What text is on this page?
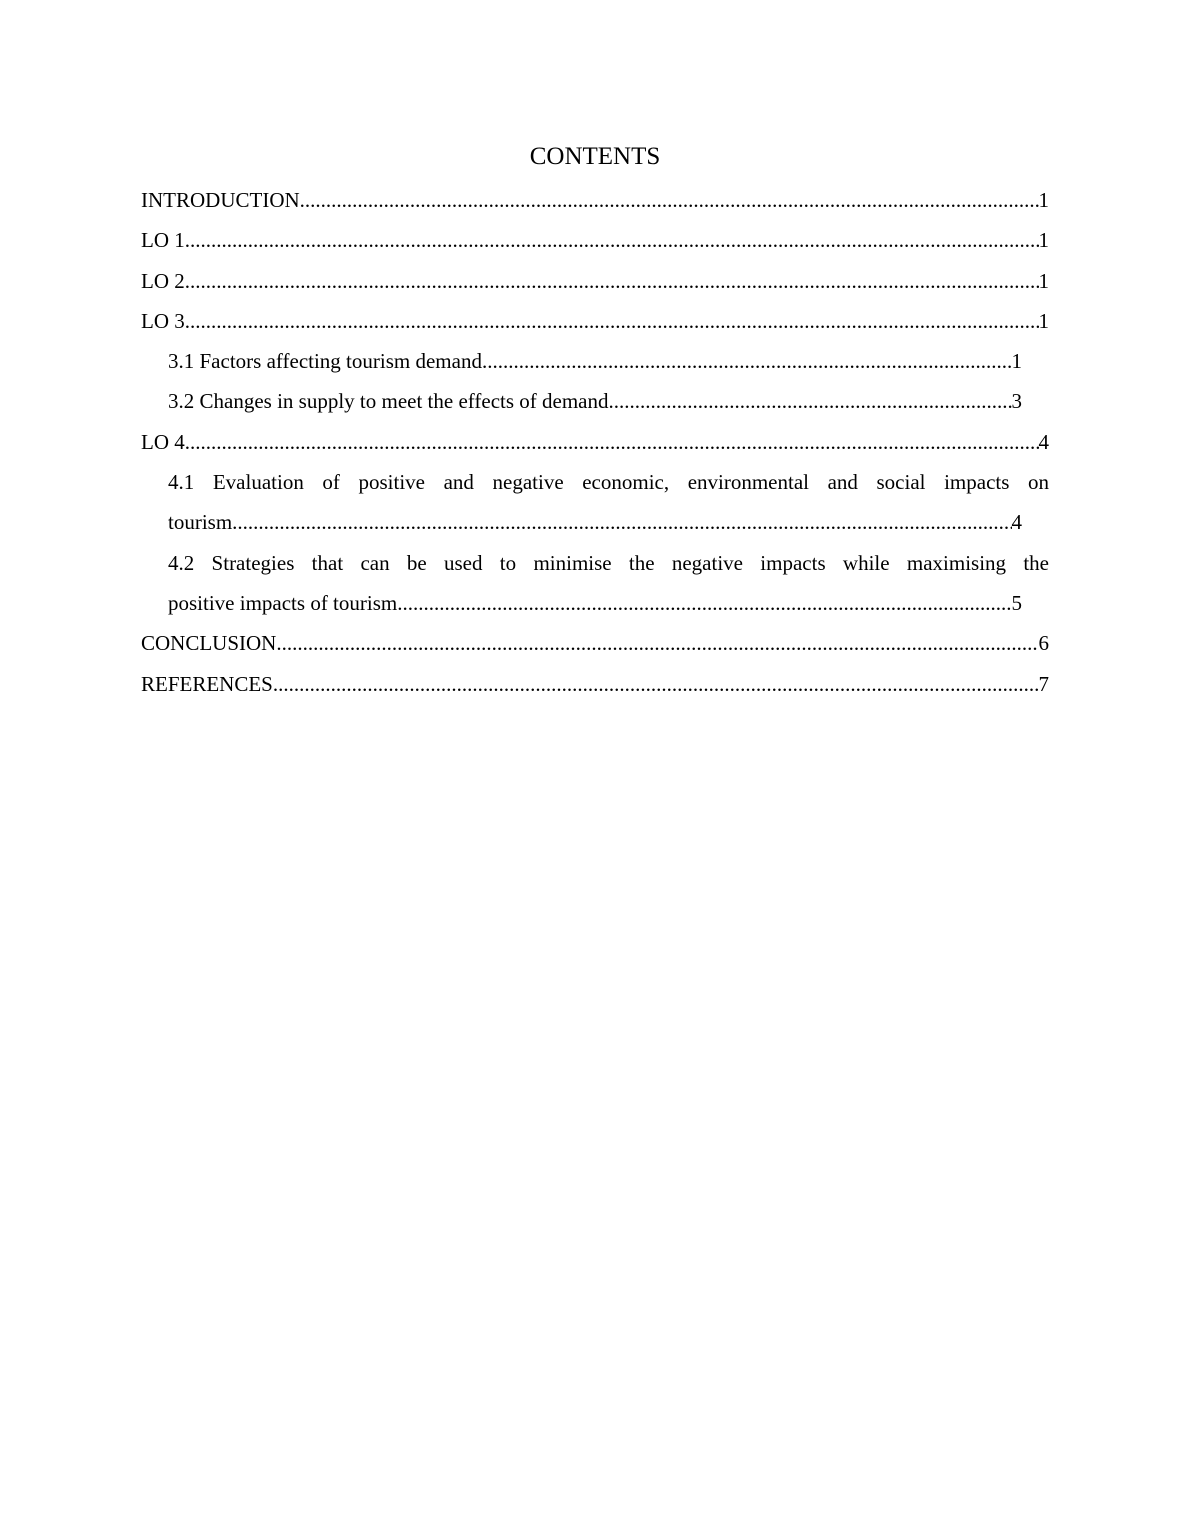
CONTENTS
INTRODUCTION .....	1
LO 1 .....	1
LO 2 .....	1
LO 3 .....	1
3.1 Factors affecting tourism demand .....	1
3.2 Changes in supply to meet the effects of demand .....	3
LO 4 .....	4
4.1 Evaluation of positive and negative economic, environmental and social impacts on
tourism .....	4
4.2 Strategies that can be used to minimise the negative impacts while maximising the
positive impacts of tourism .....	5
CONCLUSION .....	6
REFERENCES .....	7
